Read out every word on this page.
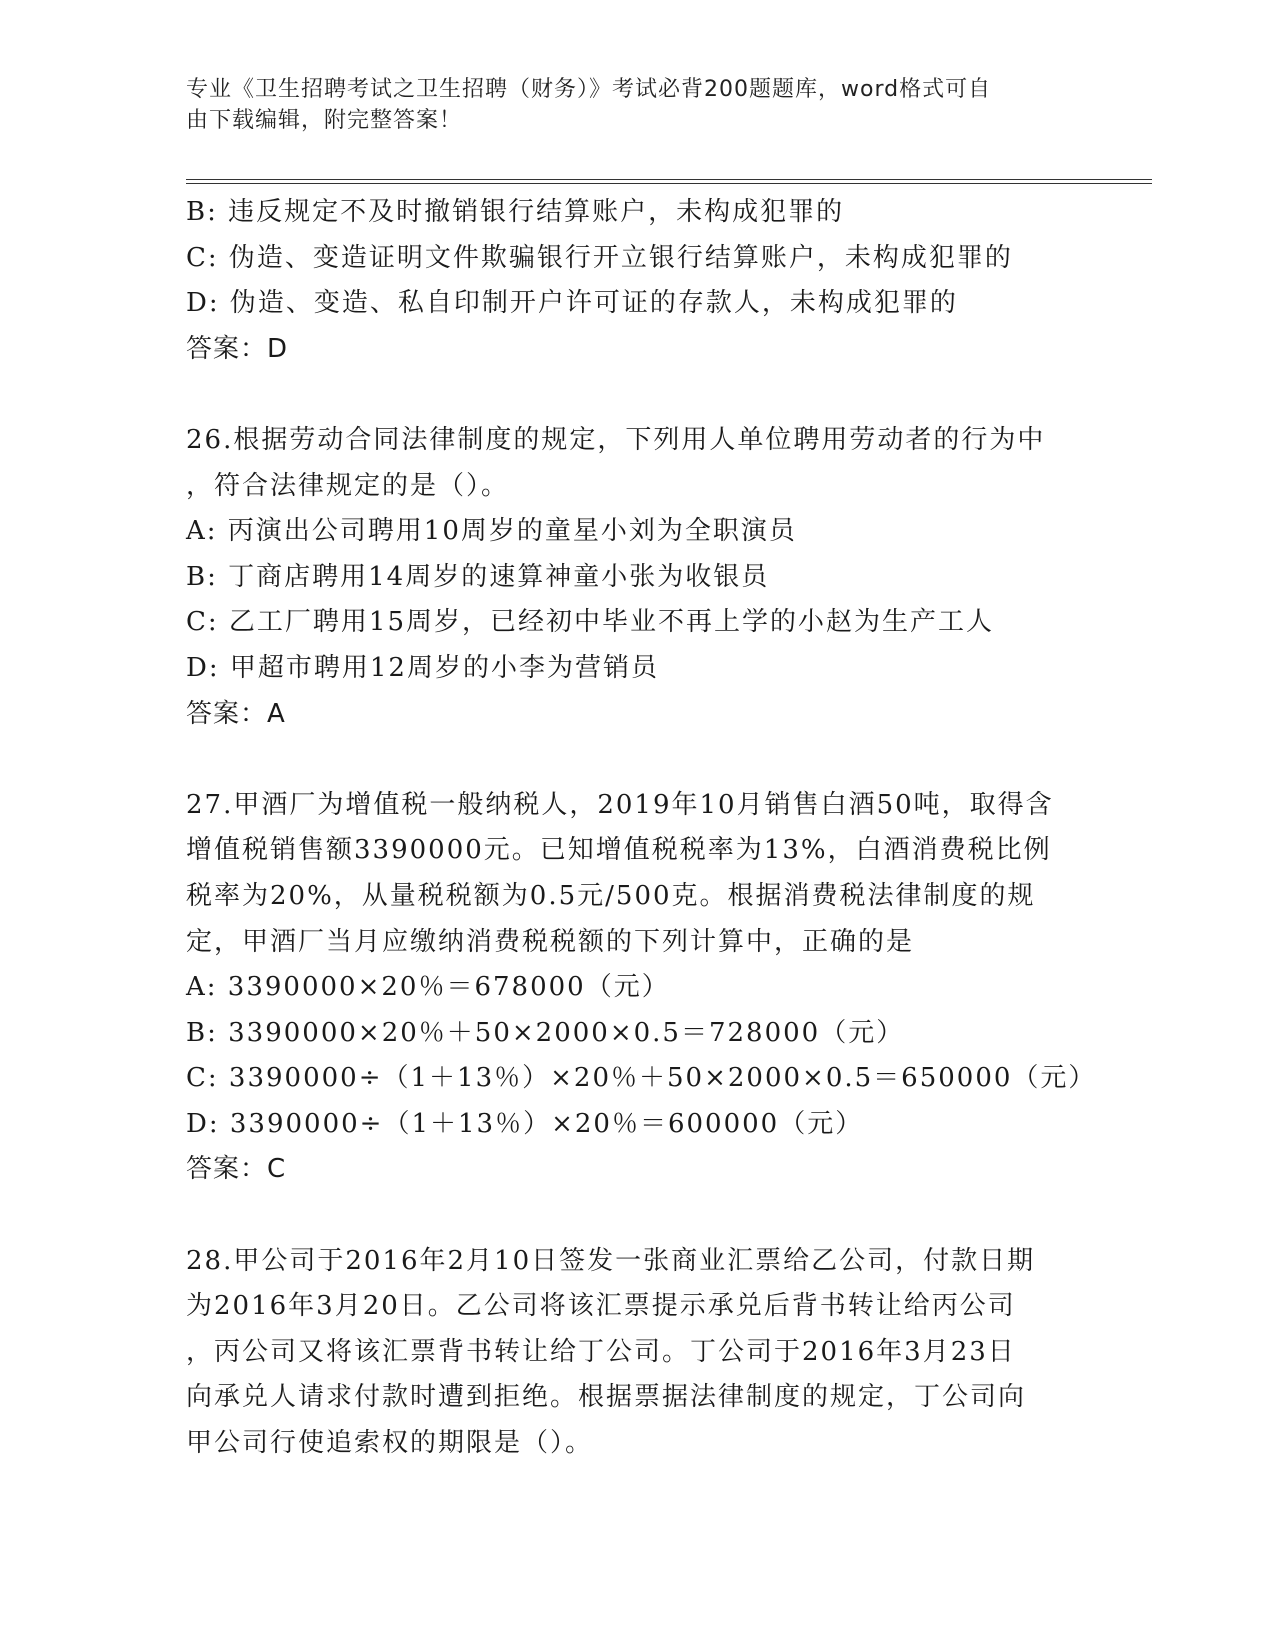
专业《卫生招聘考试之卫生招聘（财务）》考试必背200题题库，word格式可自
由下载编辑，附完整答案！
B: 违反规定不及时撤销银行结算账户，未构成犯罪的
C: 伪造、变造证明文件欺骗银行开立银行结算账户，未构成犯罪的
D: 伪造、变造、私自印制开户许可证的存款人，未构成犯罪的
答案：D
26.根据劳动合同法律制度的规定，下列用人单位聘用劳动者的行为中
，符合法律规定的是（）。
A: 丙演出公司聘用10周岁的童星小刘为全职演员
B: 丁商店聘用14周岁的速算神童小张为收银员
C: 乙工厂聘用15周岁，已经初中毕业不再上学的小赵为生产工人
D: 甲超市聘用12周岁的小李为营销员
答案：A
27.甲酒厂为增值税一般纳税人，2019年10月销售白酒50吨，取得含
增值税销售额3390000元。已知增值税税率为13%，白酒消费税比例
税率为20%，从量税税额为0.5元/500克。根据消费税法律制度的规
定，甲酒厂当月应缴纳消费税税额的下列计算中，正确的是
A: 3390000×20％＝678000（元）
B: 3390000×20％＋50×2000×0.5＝728000（元）
C: 3390000÷（1＋13％）×20％＋50×2000×0.5＝650000（元）
D: 3390000÷（1＋13％）×20％＝600000（元）
答案：C
28.甲公司于2016年2月10日签发一张商业汇票给乙公司，付款日期
为2016年3月20日。乙公司将该汇票提示承兑后背书转让给丙公司
，丙公司又将该汇票背书转让给丁公司。丁公司于2016年3月23日
向承兑人请求付款时遭到拒绝。根据票据法律制度的规定，丁公司向
甲公司行使追索权的期限是（）。
